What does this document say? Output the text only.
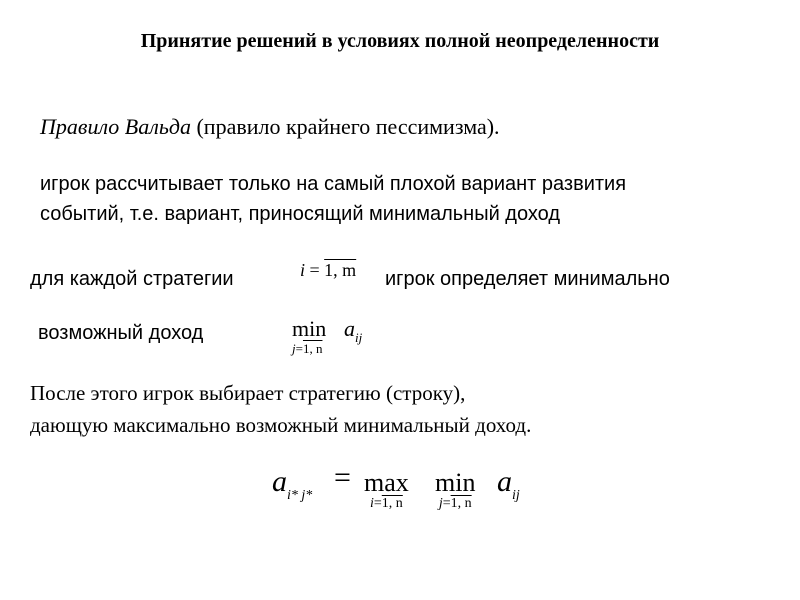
Принятие решений в условиях полной неопределенности
Правило Вальда (правило крайнего пессимизма).
игрок рассчитывает только на самый плохой вариант развития
событий, т.е. вариант, приносящий минимальный доход
для каждой стратегии	i = 1, m игрок определяет минимально
возможный доход	min
j=1, n
$a_{ij}$
После этого игрок выбирает стратегию (строку),
дающую максимально возможный минимальный доход.
$a_{i* j*}$
= max
i=1, n
min
j=1, n
$a_{ij}$
